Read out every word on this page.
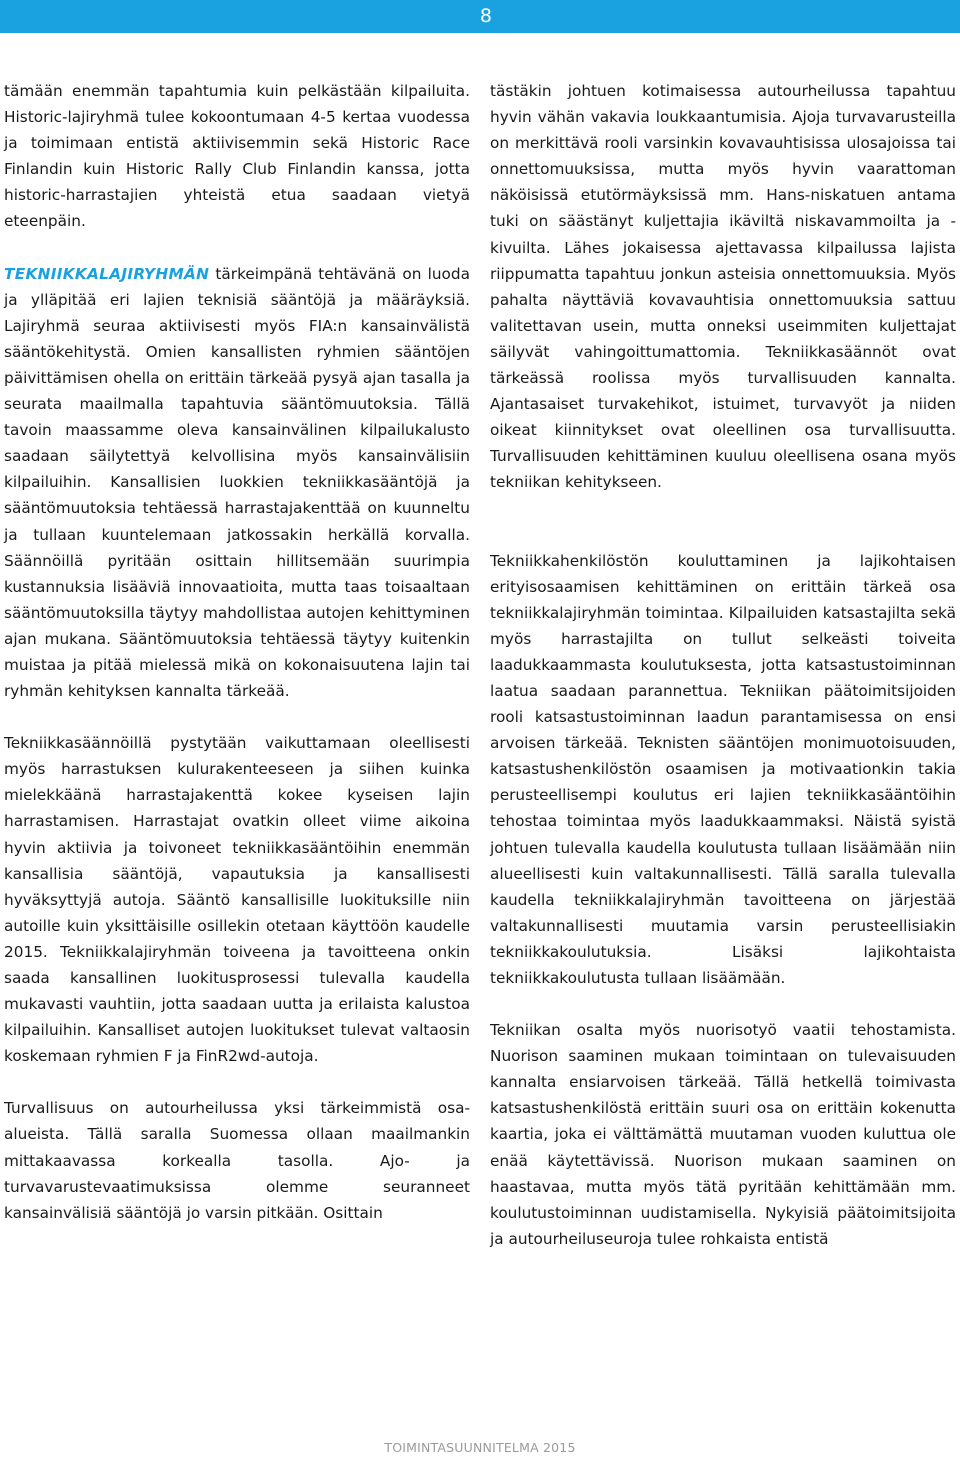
8

tämään enemmän tapahtumia kuin pelkästään kilpailuita. Historic-lajiryhmä tulee kokoontumaan 4-5 kertaa vuodessa ja toimimaan entistä aktiivisemmin sekä Historic Race Finlandin kuin Historic Rally Club Finlandin kanssa, jotta historic-harrastajien yhteistä etua saadaan vietyä eteenpäin.

TEKNIIKKALAJIRYHMÄN tärkeimpänä tehtävänä on luoda ja ylläpitää eri lajien teknisiä sääntöjä ja määräyksiä. Lajiryhmä seuraa aktiivisesti myös FIA:n kansainvälistä sääntökehitystä. Omien kansallisten ryhmien sääntöjen päivittämisen ohella on erittäin tärkeää pysyä ajan tasalla ja seurata maailmalla tapahtuvia sääntömuutoksia. Tällä tavoin maassamme oleva kansainvälinen kilpailukalusto saadaan säilytettyä kelvollisina myös kansainvälisiin kilpailuihin. Kansallisien luokkien tekniikkasääntöjä ja sääntömuutoksia tehtäessä harrastajakenttää on kuunneltu ja tullaan kuuntelemaan jatkossakin herkällä korvalla. Säännöillä pyritään osittain hillitsemään suurimpia kustannuksia lisääviä innovaatioita, mutta taas toisaaltaan sääntömuutoksilla täytyy mahdollistaa autojen kehittyminen ajan mukana. Sääntömuutoksia tehtäessä täytyy kuitenkin muistaa ja pitää mielessä mikä on kokonaisuutena lajin tai ryhmän kehityksen kannalta tärkeää.

Tekniikkasäännöillä pystytään vaikuttamaan oleellisesti myös harrastuksen kulurakenteeseen ja siihen kuinka mielekkäänä harrastajakenttä kokee kyseisen lajin harrastamisen. Harrastajat ovatkin olleet viime aikoina hyvin aktiivia ja toivoneet tekniikkasääntöihin enemmän kansallisia sääntöjä, vapautuksia ja kansallisesti hyväksyttyjä autoja. Sääntö kansallisille luokituksille niin autoille kuin yksittäisille osillekin otetaan käyttöön kaudelle 2015. Tekniikkalajiryhmän toiveena ja tavoitteena onkin saada kansallinen luokitusprosessi tulevalla kaudella mukavasti vauhtiin, jotta saadaan uutta ja erilaista kalustoa kilpailuihin. Kansalliset autojen luokitukset tulevat valtaosin koskemaan ryhmien F ja FinR2wd-autoja.

Turvallisuus on autourheilussa yksi tärkeimmistä osa-alueista. Tällä saralla Suomessa ollaan maailmankin mittakaavassa korkealla tasolla. Ajo- ja turvavarustevaatimuksissa olemme seuranneet kansainvälisiä sääntöjä jo varsin pitkään. Osittain

tästäkin johtuen kotimaisessa autourheilussa tapahtuu hyvin vähän vakavia loukkaantumisia. Ajoja turvavarusteilla on merkittävä rooli varsinkin kovavauhtisissa ulosajoissa tai onnettomuuksissa, mutta myös hyvin vaarattoman näköisissä etutörmäyksissä mm. Hans-niskatuen antama tuki on säästänyt kuljettajia ikäviltä niskavammoilta ja -kivuilta. Lähes jokaisessa ajettavassa kilpailussa lajista riippumatta tapahtuu jonkun asteisia onnettomuuksia. Myös pahalta näyttäviä kovavauhtisia onnettomuuksia sattuu valitettavan usein, mutta onneksi useimmiten kuljettajat säilyvät vahingoittumattomia. Tekniikkasäännöt ovat tärkeässä roolissa myös turvallisuuden kannalta. Ajantasaiset turvakehikot, istuimet, turvavyöt ja niiden oikeat kiinnitykset ovat oleellinen osa turvallisuutta. Turvallisuuden kehittäminen kuuluu oleellisena osana myös tekniikan kehitykseen.

Tekniikkahenkilöstön kouluttaminen ja lajikohtaisen erityisosaamisen kehittäminen on erittäin tärkeä osa tekniikkalajiryhmän toimintaa. Kilpailuiden katsastajilta sekä myös harrastajilta on tullut selkeästi toiveita laadukkaammasta koulutuksesta, jotta katsastustoiminnan laatua saadaan parannettua. Tekniikan päätoimitsijoiden rooli katsastustoiminnan laadun parantamisessa on ensi arvoisen tärkeää. Teknisten sääntöjen monimuotoisuuden, katsastushenkilöstön osaamisen ja motivaationkin takia perusteellisempi koulutus eri lajien tekniikkasääntöihin tehostaa toimintaa myös laadukkaammaksi. Näistä syistä johtuen tulevalla kaudella koulutusta tullaan lisäämään niin alueellisesti kuin valtakunnallisesti. Tällä saralla tulevalla kaudella tekniikkalajiryhmän tavoitteena on järjestää valtakunnallisesti muutamia varsin perusteellisiakin tekniikkakoulutuksia. Lisäksi lajikohtaista tekniikkakoulutusta tullaan lisäämään.

Tekniikan osalta myös nuorisotyö vaatii tehostamista. Nuorison saaminen mukaan toimintaan on tulevaisuuden kannalta ensiarvoisen tärkeää. Tällä hetkellä toimivasta katsastushenkilöstä erittäin suuri osa on erittäin kokenutta kaartia, joka ei välttämättä muutaman vuoden kuluttua ole enää käytettävissä. Nuorison mukaan saaminen on haastavaa, mutta myös tätä pyritään kehittämään mm. koulutustoiminnan uudistamisella. Nykyisiä päätoimitsijoita ja autourheiluseuroja tulee rohkaista entistä

TOIMINTASUUNNITELMA 2015
